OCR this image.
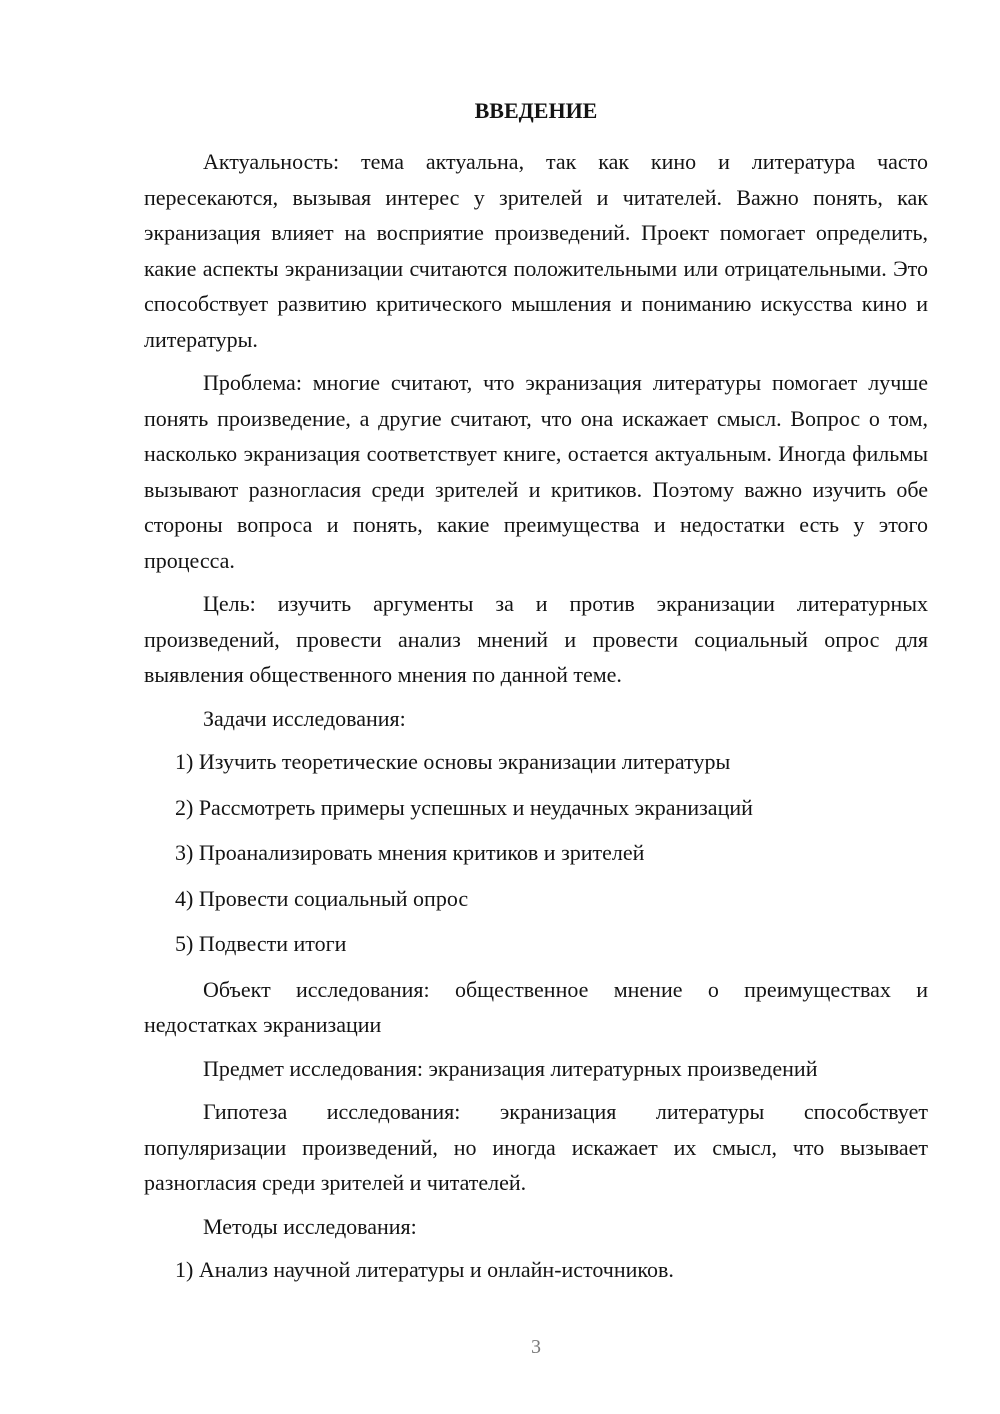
ВВЕДЕНИЕ

Актуальность: тема актуальна, так как кино и литература часто пересекаются, вызывая интерес у зрителей и читателей. Важно понять, как экранизация влияет на восприятие произведений. Проект помогает определить, какие аспекты экранизации считаются положительными или отрицательными. Это способствует развитию критического мышления и пониманию искусства кино и литературы.

Проблема: многие считают, что экранизация литературы помогает лучше понять произведение, а другие считают, что она искажает смысл. Вопрос о том, насколько экранизация соответствует книге, остается актуальным. Иногда фильмы вызывают разногласия среди зрителей и критиков. Поэтому важно изучить обе стороны вопроса и понять, какие преимущества и недостатки есть у этого процесса.

Цель: изучить аргументы за и против экранизации литературных произведений, провести анализ мнений и провести социальный опрос для выявления общественного мнения по данной теме.

Задачи исследования:

1) Изучить теоретические основы экранизации литературы

2) Рассмотреть примеры успешных и неудачных экранизаций

3) Проанализировать мнения критиков и зрителей

4) Провести социальный опрос

5) Подвести итоги

Объект исследования: общественное мнение о преимуществах и недостатках экранизации

Предмет исследования: экранизация литературных произведений

Гипотеза исследования: экранизация литературы способствует популяризации произведений, но иногда искажает их смысл, что вызывает разногласия среди зрителей и читателей.

Методы исследования:

1) Анализ научной литературы и онлайн-источников.

3
